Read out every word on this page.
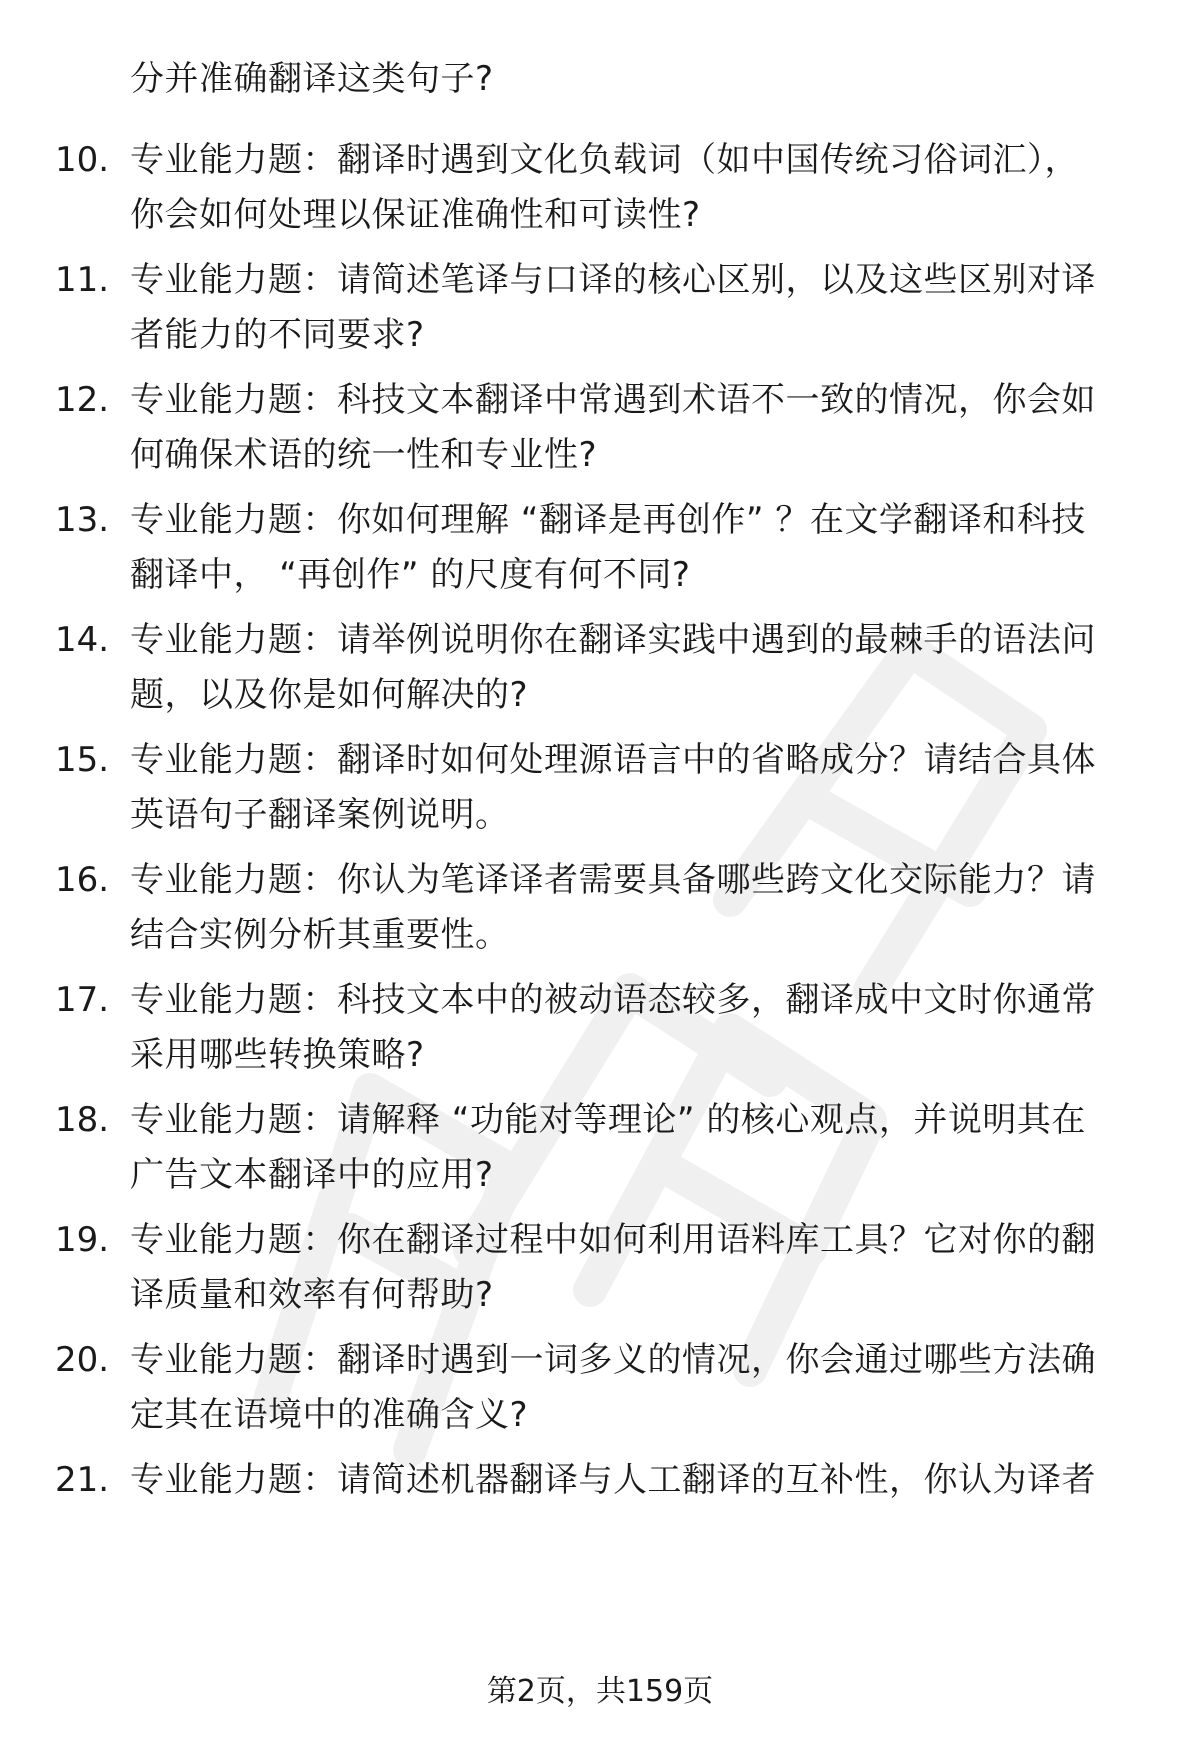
分并准确翻译这类句子?
10. 专业能力题：翻译时遇到文化负载词（如中国传统习俗词汇），
你会如何处理以保证准确性和可读性?
11. 专业能力题：请简述笔译与口译的核心区别，以及这些区别对译
者能力的不同要求?
12. 专业能力题：科技文本翻译中常遇到术语不一致的情况，你会如
何确保术语的统一性和专业性?
13. 专业能力题：你如何理解 “翻译是再创作” ？在文学翻译和科技
翻译中， “再创作” 的尺度有何不同?
14. 专业能力题：请举例说明你在翻译实践中遇到的最棘手的语法问
题，以及你是如何解决的?
15. 专业能力题：翻译时如何处理源语言中的省略成分？请结合具体
英语句子翻译案例说明。
16. 专业能力题：你认为笔译译者需要具备哪些跨文化交际能力？请
结合实例分析其重要性。
17. 专业能力题：科技文本中的被动语态较多，翻译成中文时你通常
采用哪些转换策略?
18. 专业能力题：请解释 “功能对等理论” 的核心观点，并说明其在
广告文本翻译中的应用?
19. 专业能力题：你在翻译过程中如何利用语料库工具？它对你的翻
译质量和效率有何帮助?
20. 专业能力题：翻译时遇到一词多义的情况，你会通过哪些方法确
定其在语境中的准确含义?
21. 专业能力题：请简述机器翻译与人工翻译的互补性，你认为译者
第2页，共159页
